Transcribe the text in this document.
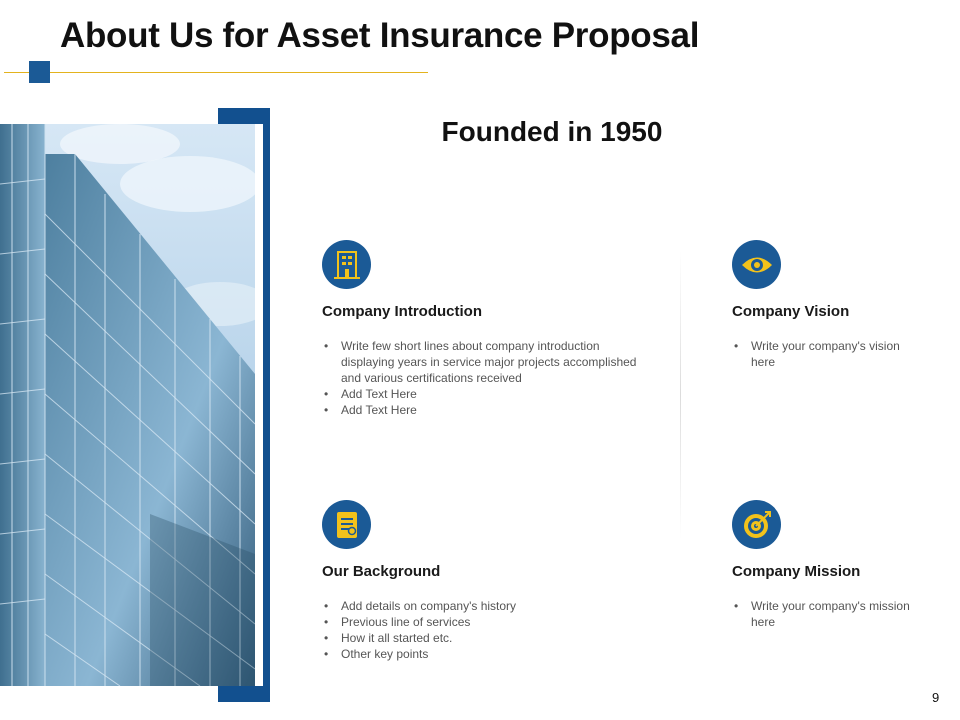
About Us for Asset Insurance Proposal
Founded in 1950
Company Introduction
• Write few short lines about company introduction displaying years in service major projects accomplished and various certifications received
• Add Text Here
• Add Text Here
Company Vision
• Write your company's vision here
Our Background
• Add details on company's history
• Previous line of services
• How it all started etc.
• Other key points
Company Mission
• Write your company's mission here
9
